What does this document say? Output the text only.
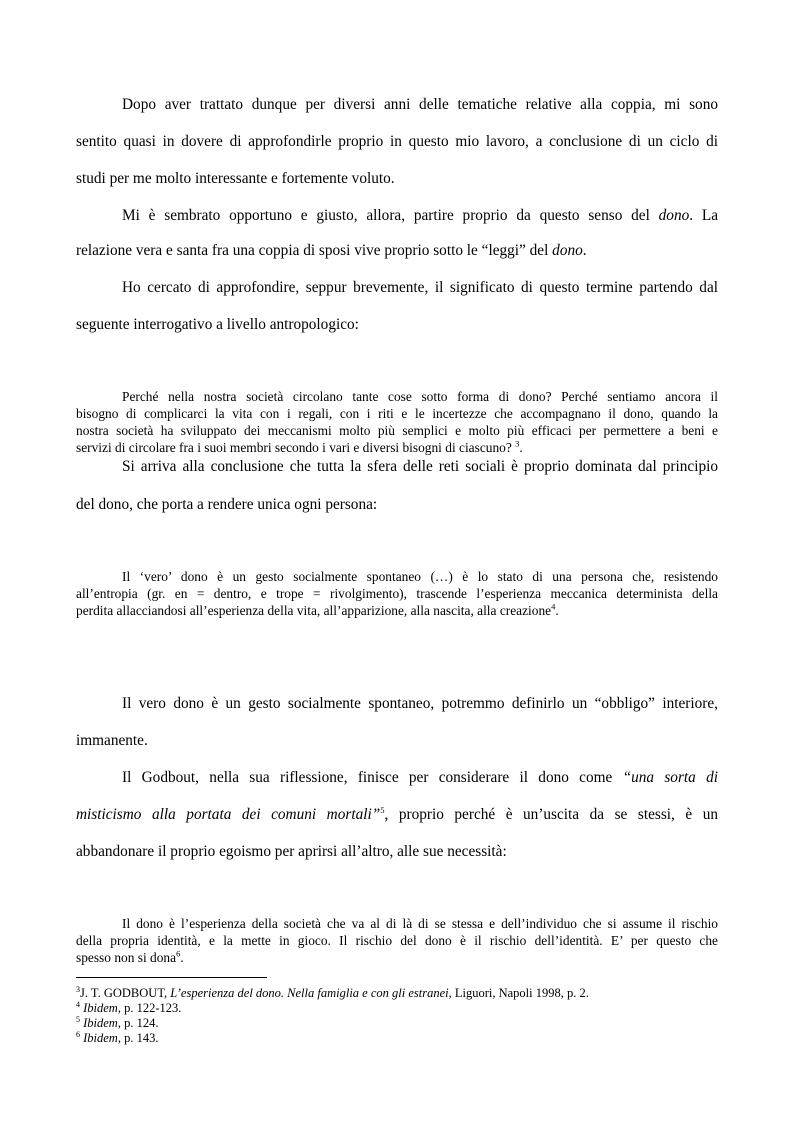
Dopo aver trattato dunque per diversi anni delle tematiche relative alla coppia, mi sono
sentito quasi in dovere di approfondirle proprio in questo mio lavoro, a conclusione di un ciclo di
studi per me molto interessante e fortemente voluto.
Mi è sembrato opportuno e giusto, allora, partire proprio da questo senso del dono. La
relazione vera e santa fra una coppia di sposi vive proprio sotto le “leggi” del dono.
Ho cercato di approfondire, seppur brevemente, il significato di questo termine partendo dal
seguente interrogativo a livello antropologico:
Perché nella nostra società circolano tante cose sotto forma di dono? Perché sentiamo ancora il
bisogno di complicarci la vita con i regali, con i riti e le incertezze che accompagnano il dono, quando la
nostra società ha sviluppato dei meccanismi molto più semplici e molto più efficaci per permettere a beni e
servizi di circolare fra i suoi membri secondo i vari e diversi bisogni di ciascuno? $^3$.
Si arriva alla conclusione che tutta la sfera delle reti sociali è proprio dominata dal principio
del dono, che porta a rendere unica ogni persona:
Il ‘vero’ dono è un gesto socialmente spontaneo (…) è lo stato di una persona che, resistendo
all’entropia (gr. en = dentro, e trope = rivolgimento), trascende l’esperienza meccanica determinista della
perdita allacciandosi all’esperienza della vita, all’apparizione, alla nascita, alla creazione$^4$.
Il vero dono è un gesto socialmente spontaneo, potremmo definirlo un “obbligo” interiore,
immanente.
Il Godbout, nella sua riflessione, finisce per considerare il dono come “una sorta di
misticismo alla portata dei comuni mortali”$^5$, proprio perché è un’uscita da se stessi, è un
abbandonare il proprio egoismo per aprirsi all’altro, alle sue necessità:
Il dono è l’esperienza della società che va al di là di se stessa e dell’individuo che si assume il rischio
della propria identità, e la mette in gioco. Il rischio del dono è il rischio dell’identità. E’ per questo che
spesso non si dona$^6$.
$^3$J. T. GODBOUT, L’esperienza del dono. Nella famiglia e con gli estranei, Liguori, Napoli 1998, p. 2.
$^4$ Ibidem, p. 122-123.
$^5$ Ibidem, p. 124.
$^6$ Ibidem, p. 143.
